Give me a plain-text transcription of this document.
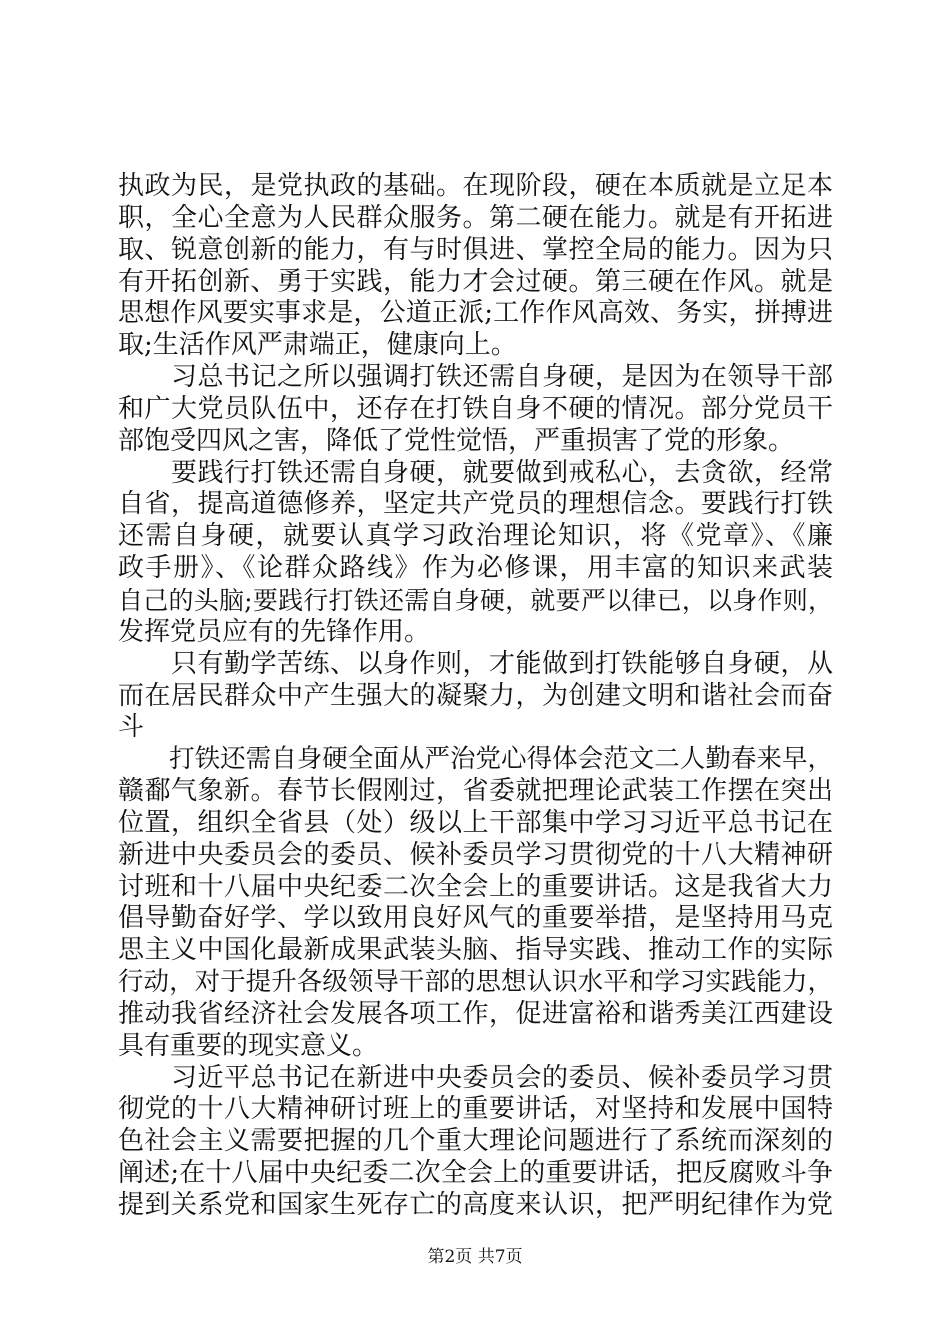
执政为民，是党执政的基础。在现阶段，硬在本质就是立足本
职，全心全意为人民群众服务。第二硬在能力。就是有开拓进
取、锐意创新的能力，有与时俱进、掌控全局的能力。因为只
有开拓创新、勇于实践，能力才会过硬。第三硬在作风。就是
思想作风要实事求是，公道正派;工作作风高效、务实，拼搏进
取;生活作风严肃端正，健康向上。
　　习总书记之所以强调打铁还需自身硬，是因为在领导干部
和广大党员队伍中，还存在打铁自身不硬的情况。部分党员干
部饱受四风之害，降低了党性觉悟，严重损害了党的形象。
　　要践行打铁还需自身硬，就要做到戒私心，去贪欲，经常
自省，提高道德修养，坚定共产党员的理想信念。要践行打铁
还需自身硬，就要认真学习政治理论知识，将《党章》、《廉
政手册》、《论群众路线》作为必修课，用丰富的知识来武装
自己的头脑;要践行打铁还需自身硬，就要严以律已，以身作则，
发挥党员应有的先锋作用。
　　只有勤学苦练、以身作则，才能做到打铁能够自身硬，从
而在居民群众中产生强大的凝聚力，为创建文明和谐社会而奋
斗
　　打铁还需自身硬全面从严治党心得体会范文二人勤春来早，
赣鄱气象新。春节长假刚过，省委就把理论武装工作摆在突出
位置，组织全省县（处）级以上干部集中学习习近平总书记在
新进中央委员会的委员、候补委员学习贯彻党的十八大精神研
讨班和十八届中央纪委二次全会上的重要讲话。这是我省大力
倡导勤奋好学、学以致用良好风气的重要举措，是坚持用马克
思主义中国化最新成果武装头脑、指导实践、推动工作的实际
行动，对于提升各级领导干部的思想认识水平和学习实践能力，
推动我省经济社会发展各项工作，促进富裕和谐秀美江西建设
具有重要的现实意义。
　　习近平总书记在新进中央委员会的委员、候补委员学习贯
彻党的十八大精神研讨班上的重要讲话，对坚持和发展中国特
色社会主义需要把握的几个重大理论问题进行了系统而深刻的
阐述;在十八届中央纪委二次全会上的重要讲话，把反腐败斗争
提到关系党和国家生死存亡的高度来认识，把严明纪律作为党
第2页 共7页
